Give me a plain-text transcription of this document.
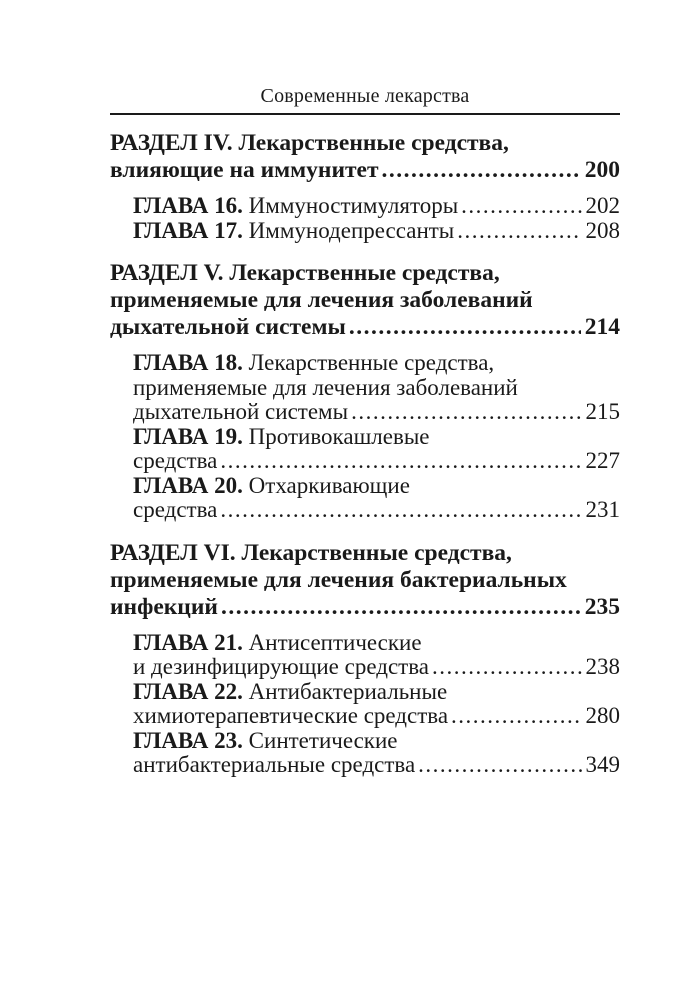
Современные лекарства
РАЗДЕЛ IV. Лекарственные средства,
влияющие на иммунитет .....	200
ГЛАВА 16. Иммуностимуляторы .....	202
ГЛАВА 17. Иммунодепрессанты .....	208
РАЗДЕЛ V. Лекарственные средства,
применяемые для лечения заболеваний
дыхательной системы .....	214
ГЛАВА 18. Лекарственные средства,
применяемые для лечения заболеваний
дыхательной системы .....	215
ГЛАВА 19. Противокашлевые
средства .....	227
ГЛАВА 20. Отхаркивающие
средства .....	231
РАЗДЕЛ VI. Лекарственные средства,
применяемые для лечения бактериальных
инфекций .....	235
ГЛАВА 21. Антисептические
и дезинфицирующие средства .....	238
ГЛАВА 22. Антибактериальные
химиотерапевтические средства .....	280
ГЛАВА 23. Синтетические
антибактериальные средства .....	349
